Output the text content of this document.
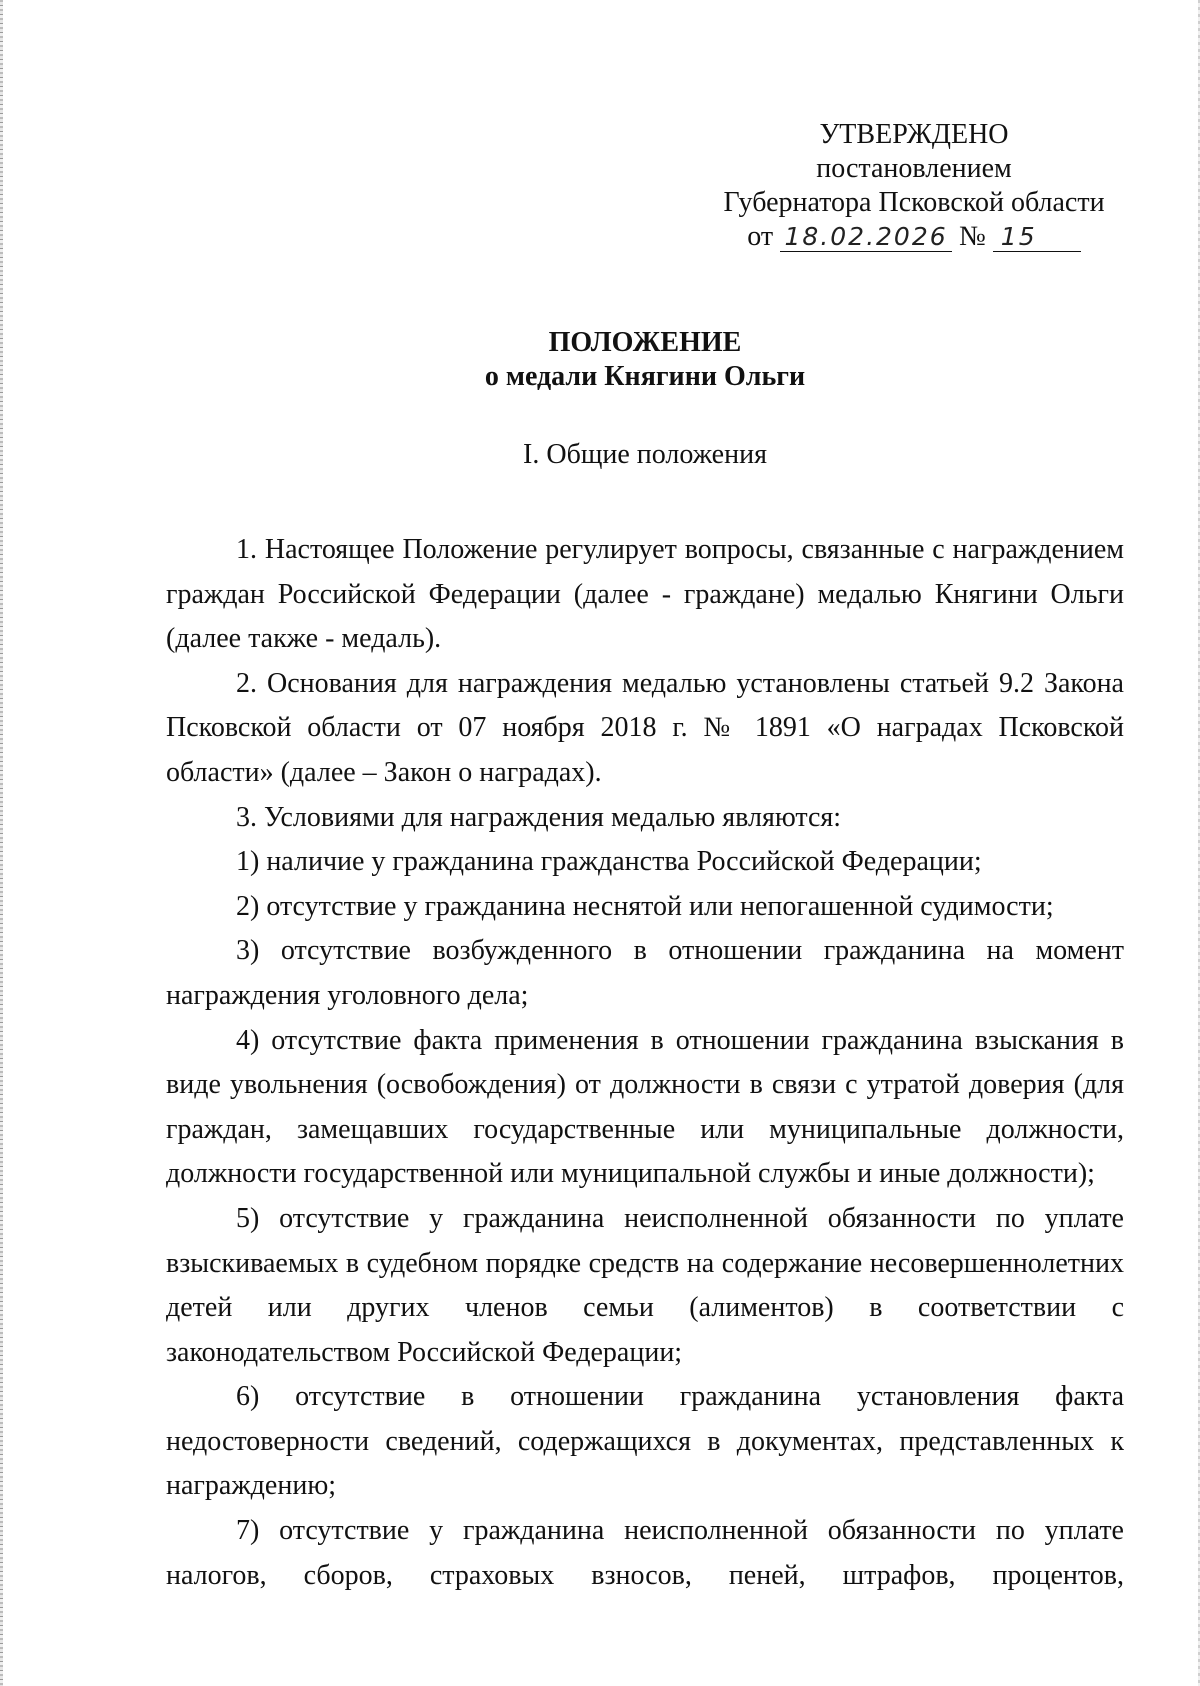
УТВЕРЖДЕНО
постановлением
Губернатора Псковской области
от 18.02.2026 № 15
ПОЛОЖЕНИЕ
о медали Княгини Ольги
I. Общие положения

1. Настоящее Положение регулирует вопросы, связанные с награждением граждан Российской Федерации (далее - граждане) медалью Княгини Ольги (далее также - медаль).

2. Основания для награждения медалью установлены статьей 9.2 Закона Псковской области от 07 ноября 2018 г. № 1891 «О наградах Псковской области» (далее – Закон о наградах).

3. Условиями для награждения медалью являются:

1) наличие у гражданина гражданства Российской Федерации;

2) отсутствие у гражданина неснятой или непогашенной судимости;

3) отсутствие возбужденного в отношении гражданина на момент награждения уголовного дела;

4) отсутствие факта применения в отношении гражданина взыскания в виде увольнения (освобождения) от должности в связи с утратой доверия (для граждан, замещавших государственные или муниципальные должности, должности государственной или муниципальной службы и иные должности);

5) отсутствие у гражданина неисполненной обязанности по уплате взыскиваемых в судебном порядке средств на содержание несовершеннолетних детей или других членов семьи (алиментов) в соответствии с законодательством Российской Федерации;

6) отсутствие в отношении гражданина установления факта недостоверности сведений, содержащихся в документах, представленных к награждению;

7) отсутствие у гражданина неисполненной обязанности по уплате налогов, сборов, страховых взносов, пеней, штрафов, процентов,
